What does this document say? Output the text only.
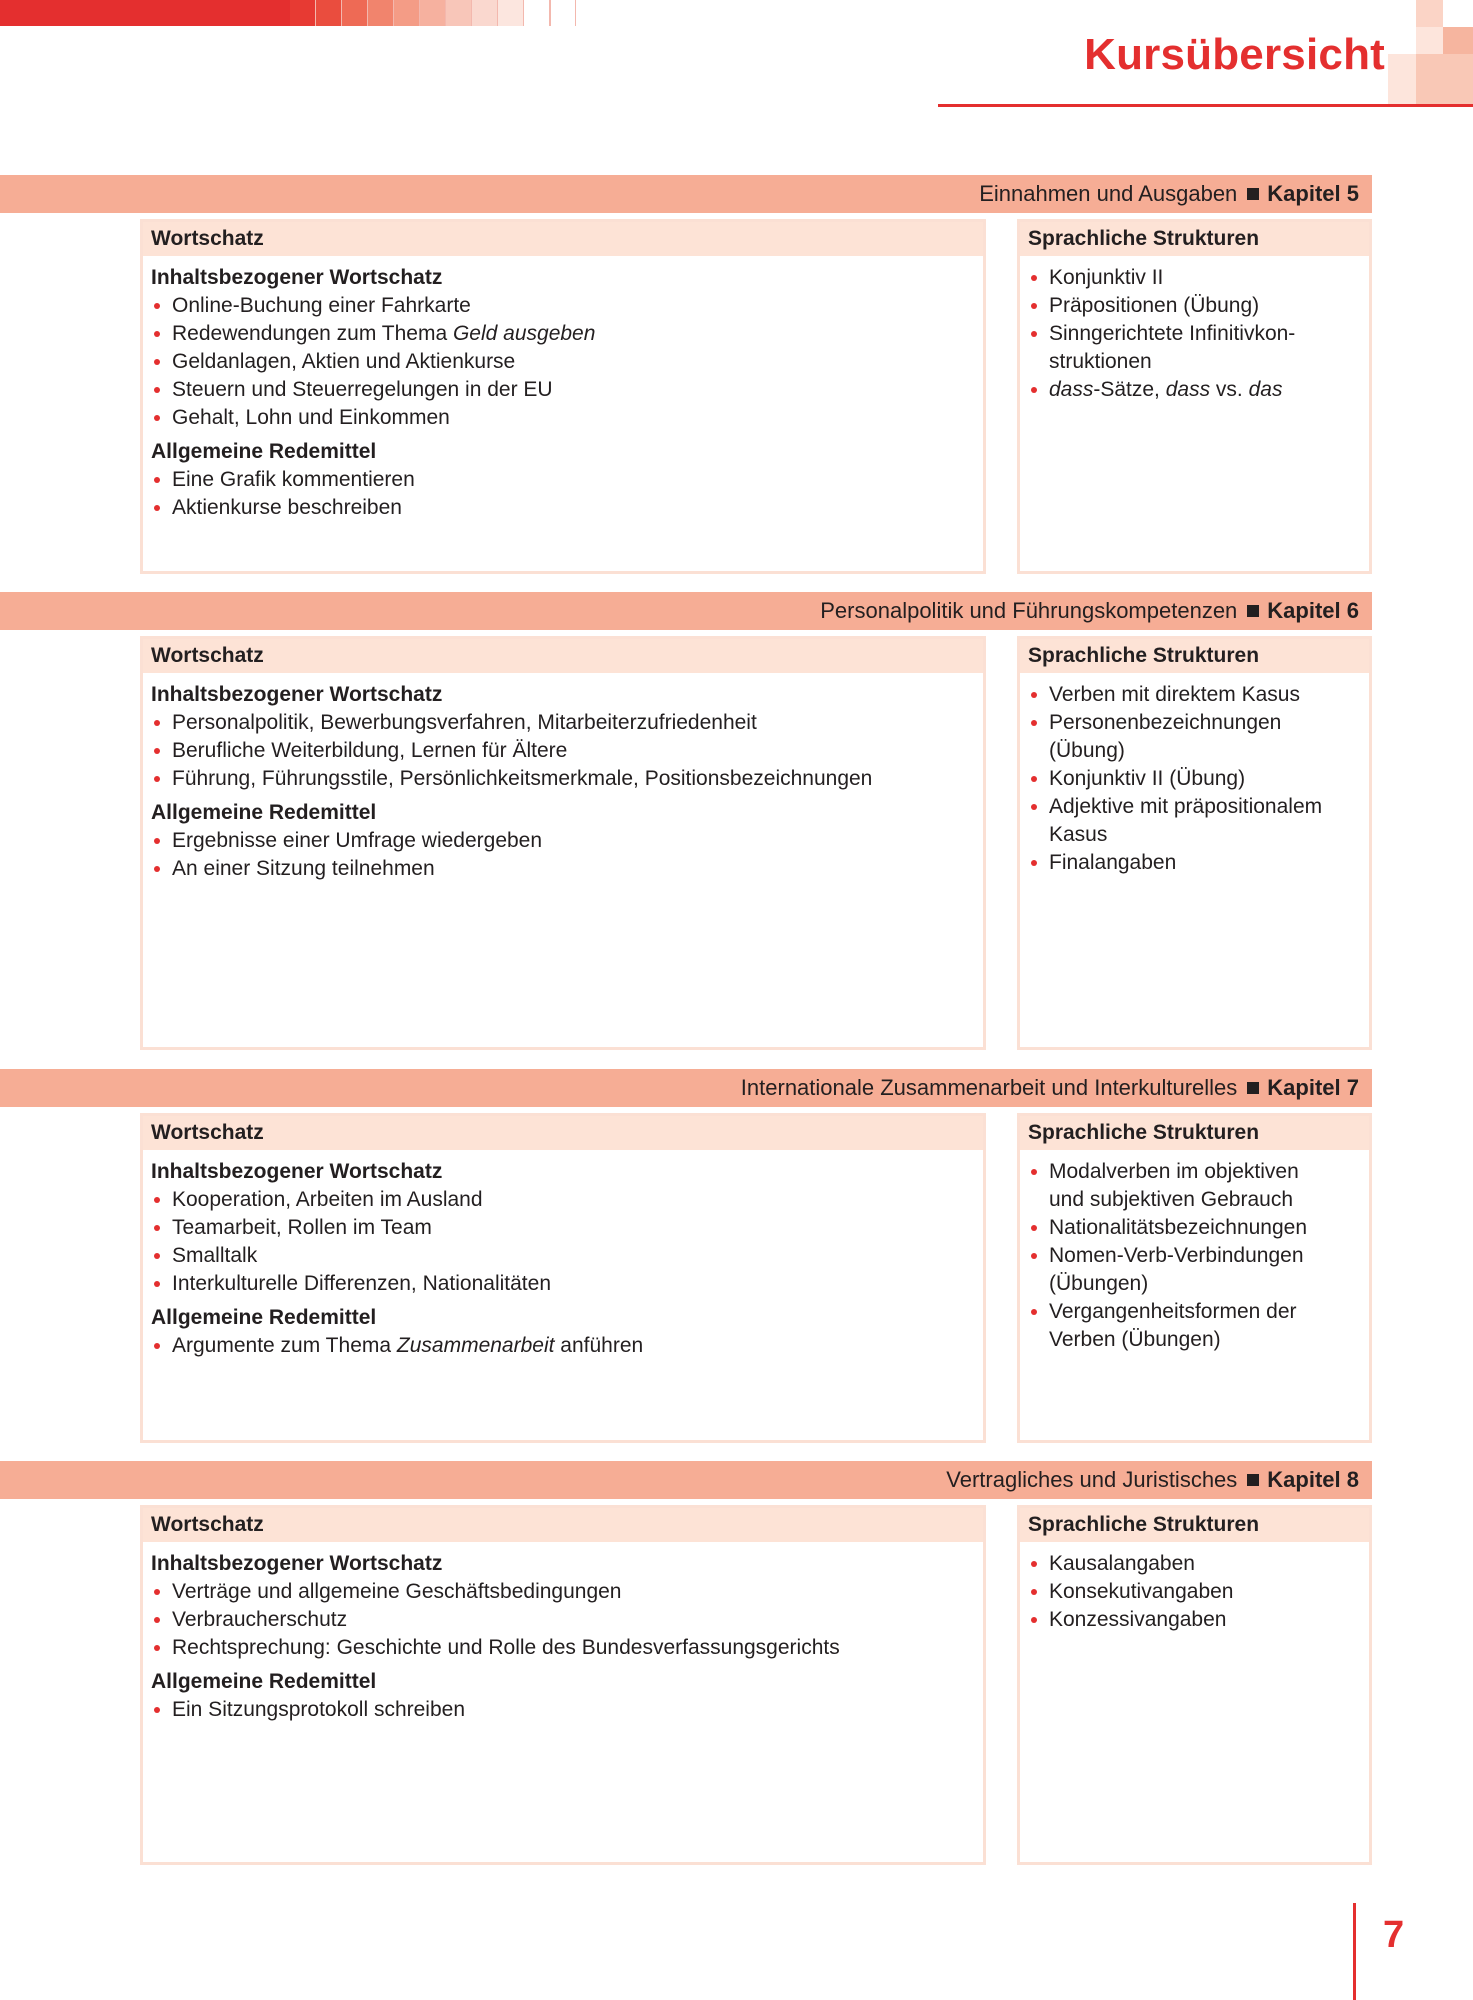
Kursübersicht
Einnahmen und Ausgaben Kapitel 5
Wortschatz
Inhaltsbezogener Wortschatz
Online-Buchung einer Fahrkarte
Redewendungen zum Thema Geld ausgeben
Geldanlagen, Aktien und Aktienkurse
Steuern und Steuerregelungen in der EU
Gehalt, Lohn und Einkommen
Allgemeine Redemittel
Eine Grafik kommentieren
Aktienkurse beschreiben
Sprachliche Strukturen
Konjunktiv II
Präpositionen (Übung)
Sinngerichtete Infinitivkon-
struktionen
dass-Sätze, dass vs. das
Personalpolitik und Führungskompetenzen Kapitel 6
Wortschatz
Inhaltsbezogener Wortschatz
Personalpolitik, Bewerbungsverfahren, Mitarbeiterzufriedenheit
Berufliche Weiterbildung, Lernen für Ältere
Führung, Führungsstile, Persönlichkeitsmerkmale, Positionsbezeichnungen
Allgemeine Redemittel
Ergebnisse einer Umfrage wiedergeben
An einer Sitzung teilnehmen
Sprachliche Strukturen
Verben mit direktem Kasus
Personenbezeichnungen
(Übung)
Konjunktiv II (Übung)
Adjektive mit präpositionalem
Kasus
Finalangaben
Internationale Zusammenarbeit und Interkulturelles Kapitel 7
Wortschatz
Inhaltsbezogener Wortschatz
Kooperation, Arbeiten im Ausland
Teamarbeit, Rollen im Team
Smalltalk
Interkulturelle Differenzen, Nationalitäten
Allgemeine Redemittel
Argumente zum Thema Zusammenarbeit anführen
Sprachliche Strukturen
Modalverben im objektiven
und subjektiven Gebrauch
Nationalitätsbezeichnungen
Nomen-Verb-Verbindungen
(Übungen)
Vergangenheitsformen der
Verben (Übungen)
Vertragliches und Juristisches Kapitel 8
Wortschatz
Inhaltsbezogener Wortschatz
Verträge und allgemeine Geschäftsbedingungen
Verbraucherschutz
Rechtsprechung: Geschichte und Rolle des Bundesverfassungsgerichts
Allgemeine Redemittel
Ein Sitzungsprotokoll schreiben
Sprachliche Strukturen
Kausalangaben
Konsekutivangaben
Konzessivangaben
7
